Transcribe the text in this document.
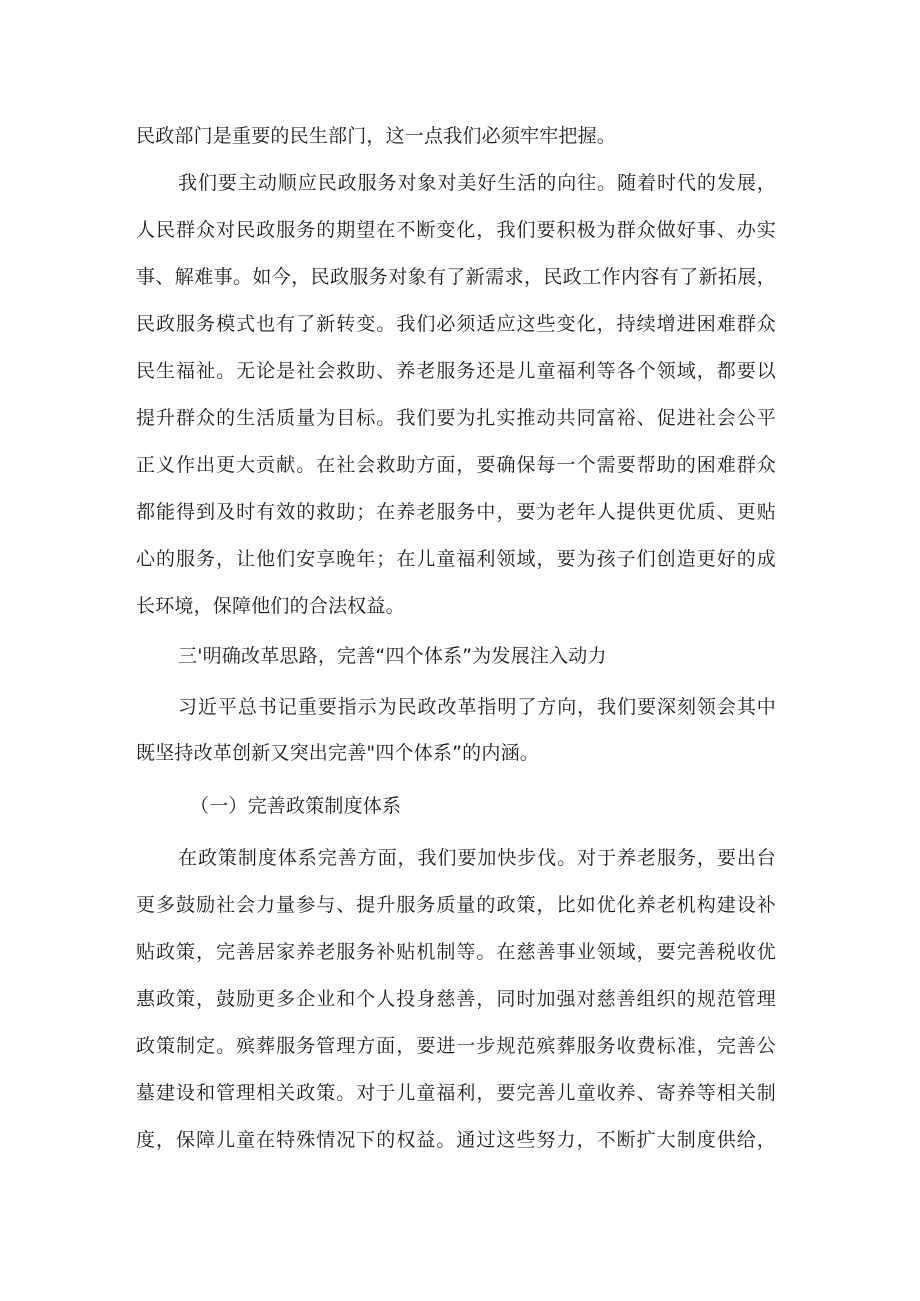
民政部门是重要的民生部门，这一点我们必须牢牢把握。
我们要主动顺应民政服务对象对美好生活的向往。随着时代的发展，
人民群众对民政服务的期望在不断变化，我们要积极为群众做好事、办实
事、解难事。如今，民政服务对象有了新需求，民政工作内容有了新拓展，
民政服务模式也有了新转变。我们必须适应这些变化，持续增进困难群众
民生福祉。无论是社会救助、养老服务还是儿童福利等各个领域，都要以
提升群众的生活质量为目标。我们要为扎实推动共同富裕、促进社会公平
正义作出更大贡献。在社会救助方面，要确保每一个需要帮助的困难群众
都能得到及时有效的救助；在养老服务中，要为老年人提供更优质、更贴
心的服务，让他们安享晚年；在儿童福利领域，要为孩子们创造更好的成
长环境，保障他们的合法权益。
三'明确改革思路，完善“四个体系”为发展注入动力
习近平总书记重要指示为民政改革指明了方向，我们要深刻领会其中
既坚持改革创新又突出完善"四个体系”的内涵。
（一）完善政策制度体系
在政策制度体系完善方面，我们要加快步伐。对于养老服务，要出台
更多鼓励社会力量参与、提升服务质量的政策，比如优化养老机构建设补
贴政策，完善居家养老服务补贴机制等。在慈善事业领域，要完善税收优
惠政策，鼓励更多企业和个人投身慈善，同时加强对慈善组织的规范管理
政策制定。殡葬服务管理方面，要进一步规范殡葬服务收费标准，完善公
墓建设和管理相关政策。对于儿童福利，要完善儿童收养、寄养等相关制
度，保障儿童在特殊情况下的权益。通过这些努力，不断扩大制度供给，
